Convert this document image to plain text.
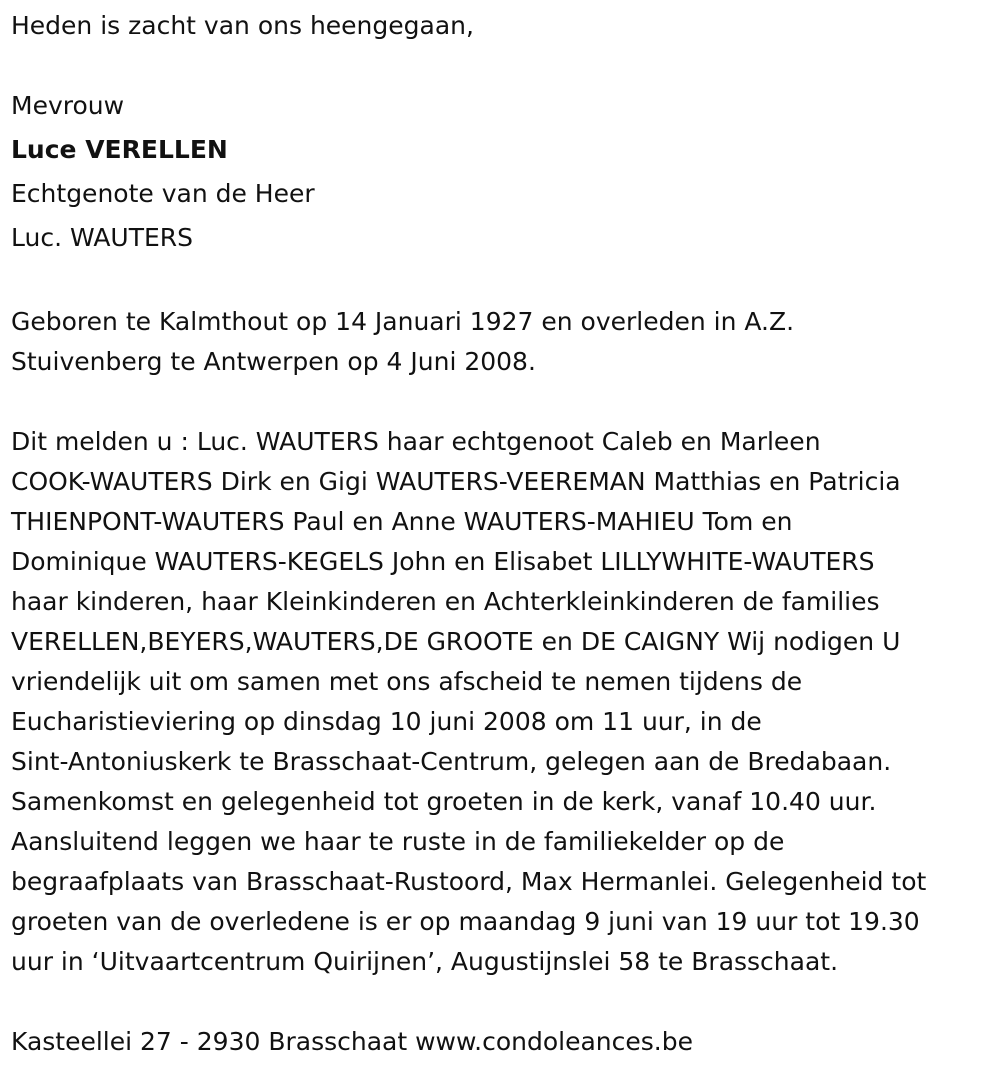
Heden is zacht van ons heengegaan,
Mevrouw
Luce VERELLEN
Echtgenote van de Heer
Luc. WAUTERS
Geboren te Kalmthout op 14 Januari 1927 en overleden in A.Z.
Stuivenberg te Antwerpen op 4 Juni 2008.
Dit melden u : Luc. WAUTERS haar echtgenoot Caleb en Marleen
COOK-WAUTERS Dirk en Gigi WAUTERS-VEEREMAN Matthias en Patricia
THIENPONT-WAUTERS Paul en Anne WAUTERS-MAHIEU Tom en
Dominique WAUTERS-KEGELS John en Elisabet LILLYWHITE-WAUTERS
haar kinderen, haar Kleinkinderen en Achterkleinkinderen de families
VERELLEN,BEYERS,WAUTERS,DE GROOTE en DE CAIGNY Wij nodigen U
vriendelijk uit om samen met ons afscheid te nemen tijdens de
Eucharistieviering op dinsdag 10 juni 2008 om 11 uur, in de
Sint-Antoniuskerk te Brasschaat-Centrum, gelegen aan de Bredabaan.
Samenkomst en gelegenheid tot groeten in de kerk, vanaf 10.40 uur.
Aansluitend leggen we haar te ruste in de familiekelder op de
begraafplaats van Brasschaat-Rustoord, Max Hermanlei. Gelegenheid tot
groeten van de overledene is er op maandag 9 juni van 19 uur tot 19.30
uur in ‘Uitvaartcentrum Quirijnen’, Augustijnslei 58 te Brasschaat.
Kasteellei 27 - 2930 Brasschaat www.condoleances.be
